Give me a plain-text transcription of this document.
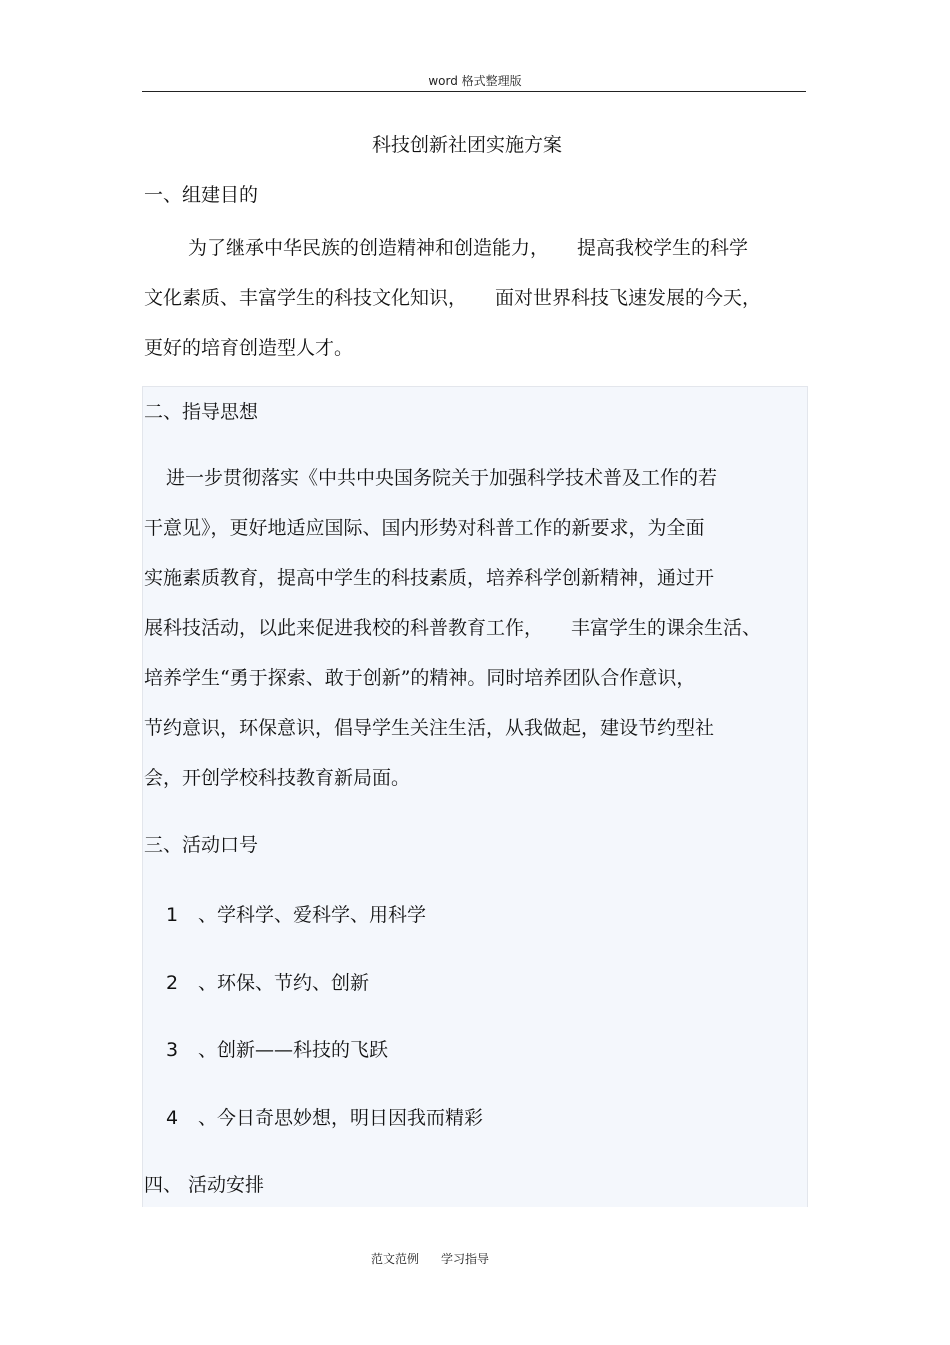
word 格式整理版
科技创新社团实施方案
一、组建目的
为了继承中华民族的创造精神和创造能力， 提高我校学生的科学
文化素质、丰富学生的科技文化知识， 面对世界科技飞速发展的今天，
更好的培育创造型人才。
二、指导思想
进一步贯彻落实《中共中央国务院关于加强科学技术普及工作的若
干意见》，更好地适应国际、国内形势对科普工作的新要求，为全面
实施素质教育，提高中学生的科技素质，培养科学创新精神，通过开
展科技活动，以此来促进我校的科普教育工作， 丰富学生的课余生活、
培养学生“勇于探索、敢于创新”的精神。同时培养团队合作意识，
节约意识，环保意识，倡导学生关注生活，从我做起，建设节约型社
会，开创学校科技教育新局面。
三、活动口号
1 、学科学、爱科学、用科学
2 、环保、节约、创新
3 、创新——科技的飞跃
4 、今日奇思妙想，明日因我而精彩
四、 活动安排
范文范例 学习指导
